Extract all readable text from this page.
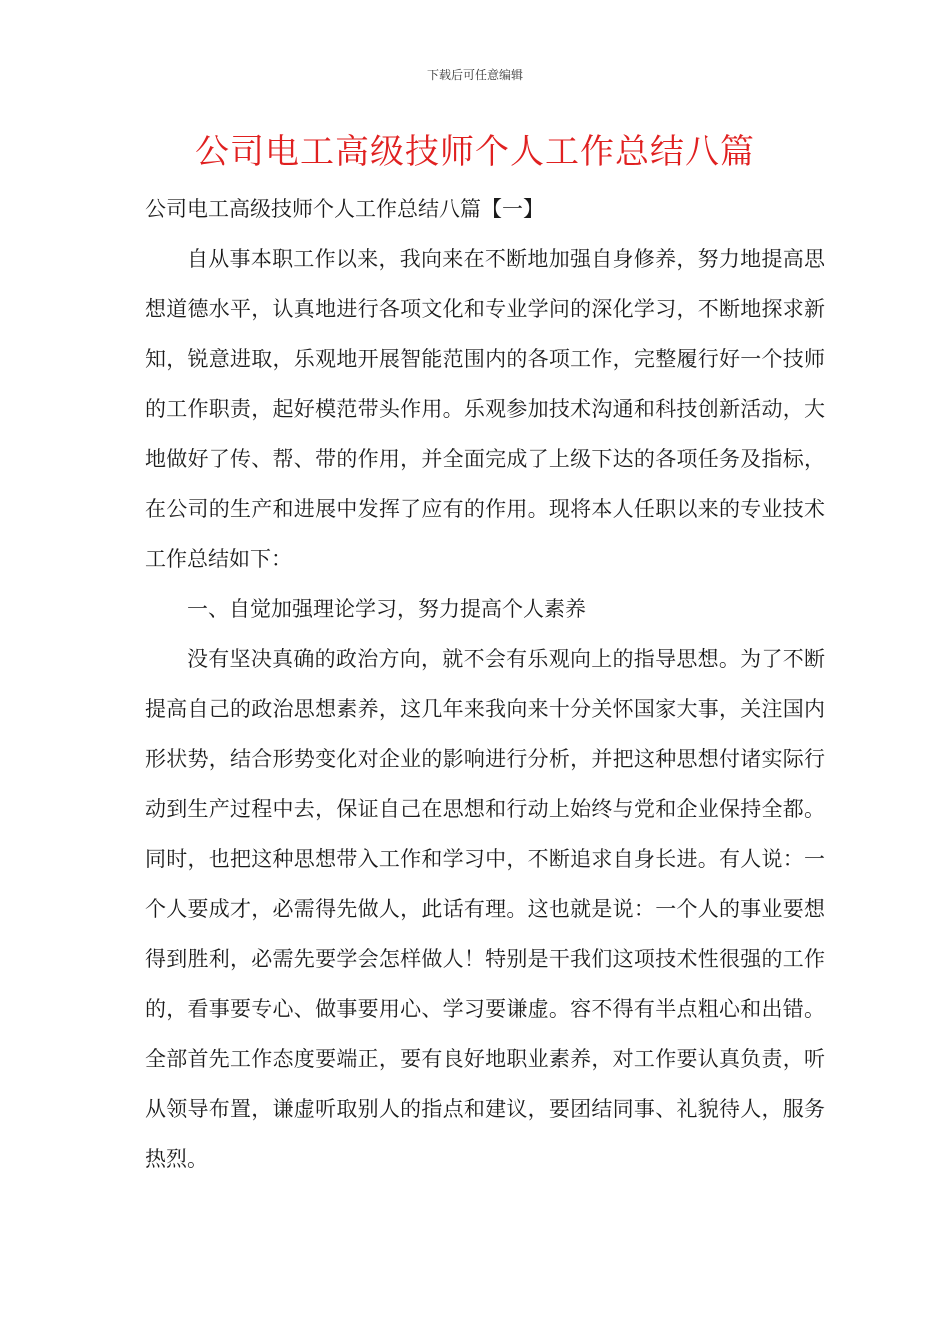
下载后可任意编辑
公司电工高级技师个人工作总结八篇

公司电工高级技师个人工作总结八篇【一】

自从事本职工作以来，我向来在不断地加强自身修养，努力地提高思想道德水平，认真地进行各项文化和专业学问的深化学习，不断地探求新知，锐意进取，乐观地开展智能范围内的各项工作，完整履行好一个技师的工作职责，起好模范带头作用。乐观参加技术沟通和科技创新活动，大地做好了传、帮、带的作用，并全面完成了上级下达的各项任务及指标，在公司的生产和进展中发挥了应有的作用。现将本人任职以来的专业技术工作总结如下：

一、自觉加强理论学习，努力提高个人素养

没有坚决真确的政治方向，就不会有乐观向上的指导思想。为了不断提高自己的政治思想素养，这几年来我向来十分关怀国家大事，关注国内形状势，结合形势变化对企业的影响进行分析，并把这种思想付诸实际行动到生产过程中去，保证自己在思想和行动上始终与党和企业保持全都。同时，也把这种思想带入工作和学习中，不断追求自身长进。有人说：一个人要成才，必需得先做人，此话有理。这也就是说：一个人的事业要想得到胜利，必需先要学会怎样做人！特别是干我们这项技术性很强的工作的，看事要专心、做事要用心、学习要谦虚。容不得有半点粗心和出错。全部首先工作态度要端正，要有良好地职业素养，对工作要认真负责，听从领导布置，谦虚听取别人的指点和建议，要团结同事、礼貌待人，服务热烈。
